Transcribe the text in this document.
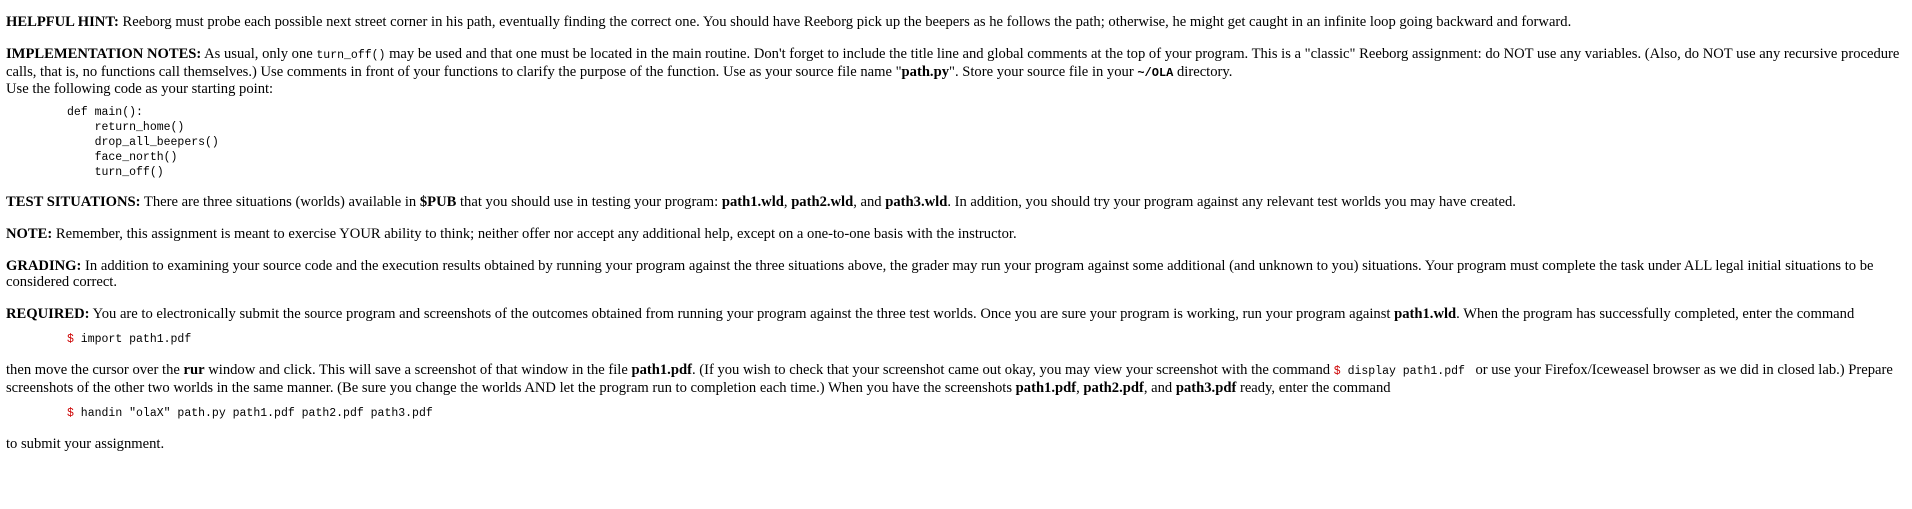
HELPFUL HINT: Reeborg must probe each possible next street corner in his path, eventually finding the correct one. You should have Reeborg pick up the beepers as he follows the path; otherwise, he might get caught in an infinite loop going backward and forward.

IMPLEMENTATION NOTES: As usual, only one turn_off() may be used and that one must be located in the main routine. Don't forget to include the title line and global comments at the top of your program. This is a "classic" Reeborg assignment: do NOT use any variables. (Also, do NOT use any recursive procedure calls, that is, no functions call themselves.) Use comments in front of your functions to clarify the purpose of the function. Use as your source file name "path.py". Store your source file in your ~/OLA directory.
Use the following code as your starting point:

def main():
return_home()
drop_all_beepers()
face_north()
turn_off()

TEST SITUATIONS: There are three situations (worlds) available in $PUB that you should use in testing your program: path1.wld, path2.wld, and path3.wld. In addition, you should try your program against any relevant test worlds you may have created.

NOTE: Remember, this assignment is meant to exercise YOUR ability to think; neither offer nor accept any additional help, except on a one-to-one basis with the instructor.

GRADING: In addition to examining your source code and the execution results obtained by running your program against the three situations above, the grader may run your program against some additional (and unknown to you) situations. Your program must complete the task under ALL legal initial situations to be considered correct.

REQUIRED: You are to electronically submit the source program and screenshots of the outcomes obtained from running your program against the three test worlds. Once you are sure your program is working, run your program against path1.wld. When the program has successfully completed, enter the command

$ import path1.pdf

then move the cursor over the rur window and click. This will save a screenshot of that window in the file path1.pdf. (If you wish to check that your screenshot came out okay, you may view your screenshot with the command $ display path1.pdf  or use your Firefox/Iceweasel browser as we did in closed lab.) Prepare screenshots of the other two worlds in the same manner. (Be sure you change the worlds AND let the program run to completion each time.) When you have the screenshots path1.pdf, path2.pdf, and path3.pdf ready, enter the command

$ handin "olaX" path.py path1.pdf path2.pdf path3.pdf

to submit your assignment.
